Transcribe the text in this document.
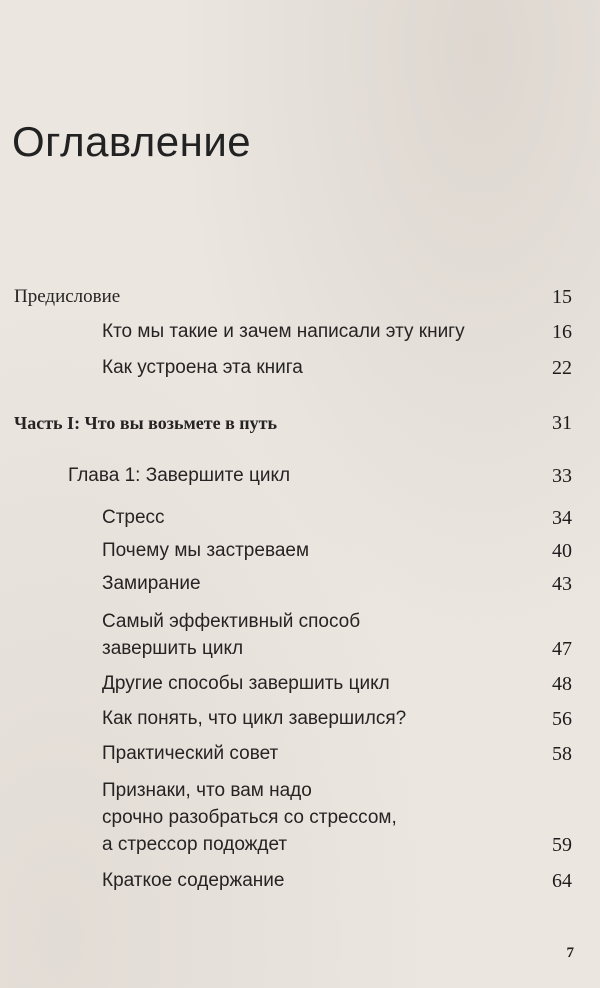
Оглавление
Предисловие	15
Кто мы такие и зачем написали эту книгу	16
Как устроена эта книга	22
Часть I: Что вы возьмете в путь	31
Глава 1: Завершите цикл	33
Стресс	34
Почему мы застреваем	40
Замирание	43
Самый эффективный способ
завершить цикл	47
Другие способы завершить цикл	48
Как понять, что цикл завершился?	56
Практический совет	58
Признаки, что вам надо
срочно разобраться со стрессом,
а стрессор подождет	59
Краткое содержание	64
7
